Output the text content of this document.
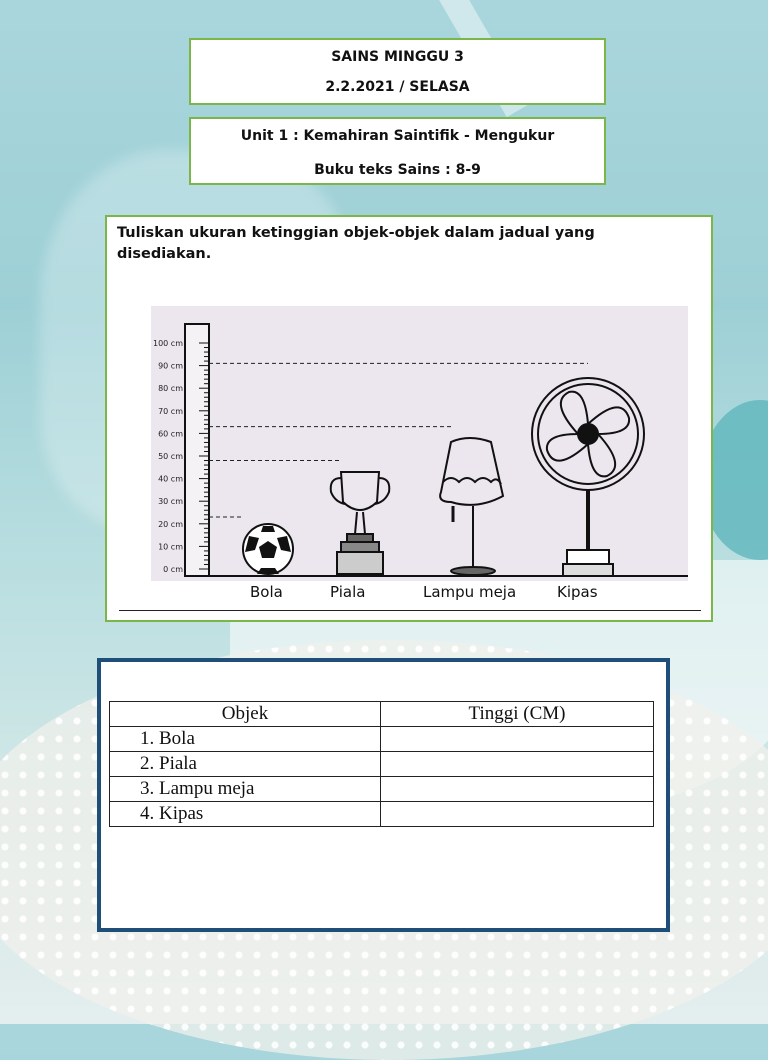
SAINS MINGGU 3
2.2.2021 / SELASA
Unit 1 : Kemahiran Saintifik - Mengukur
Buku teks Sains : 8-9
Tuliskan ukuran ketinggian objek-objek dalam jadual yang disediakan.
100 cm
90 cm
80 cm
70 cm
60 cm
50 cm
40 cm
30 cm
20 cm
10 cm
0 cm
Bola	Piala	Lampu meja	Kipas
Objek	Tinggi (CM)
1. Bola	
2. Piala	
3. Lampu meja	
4. Kipas	
